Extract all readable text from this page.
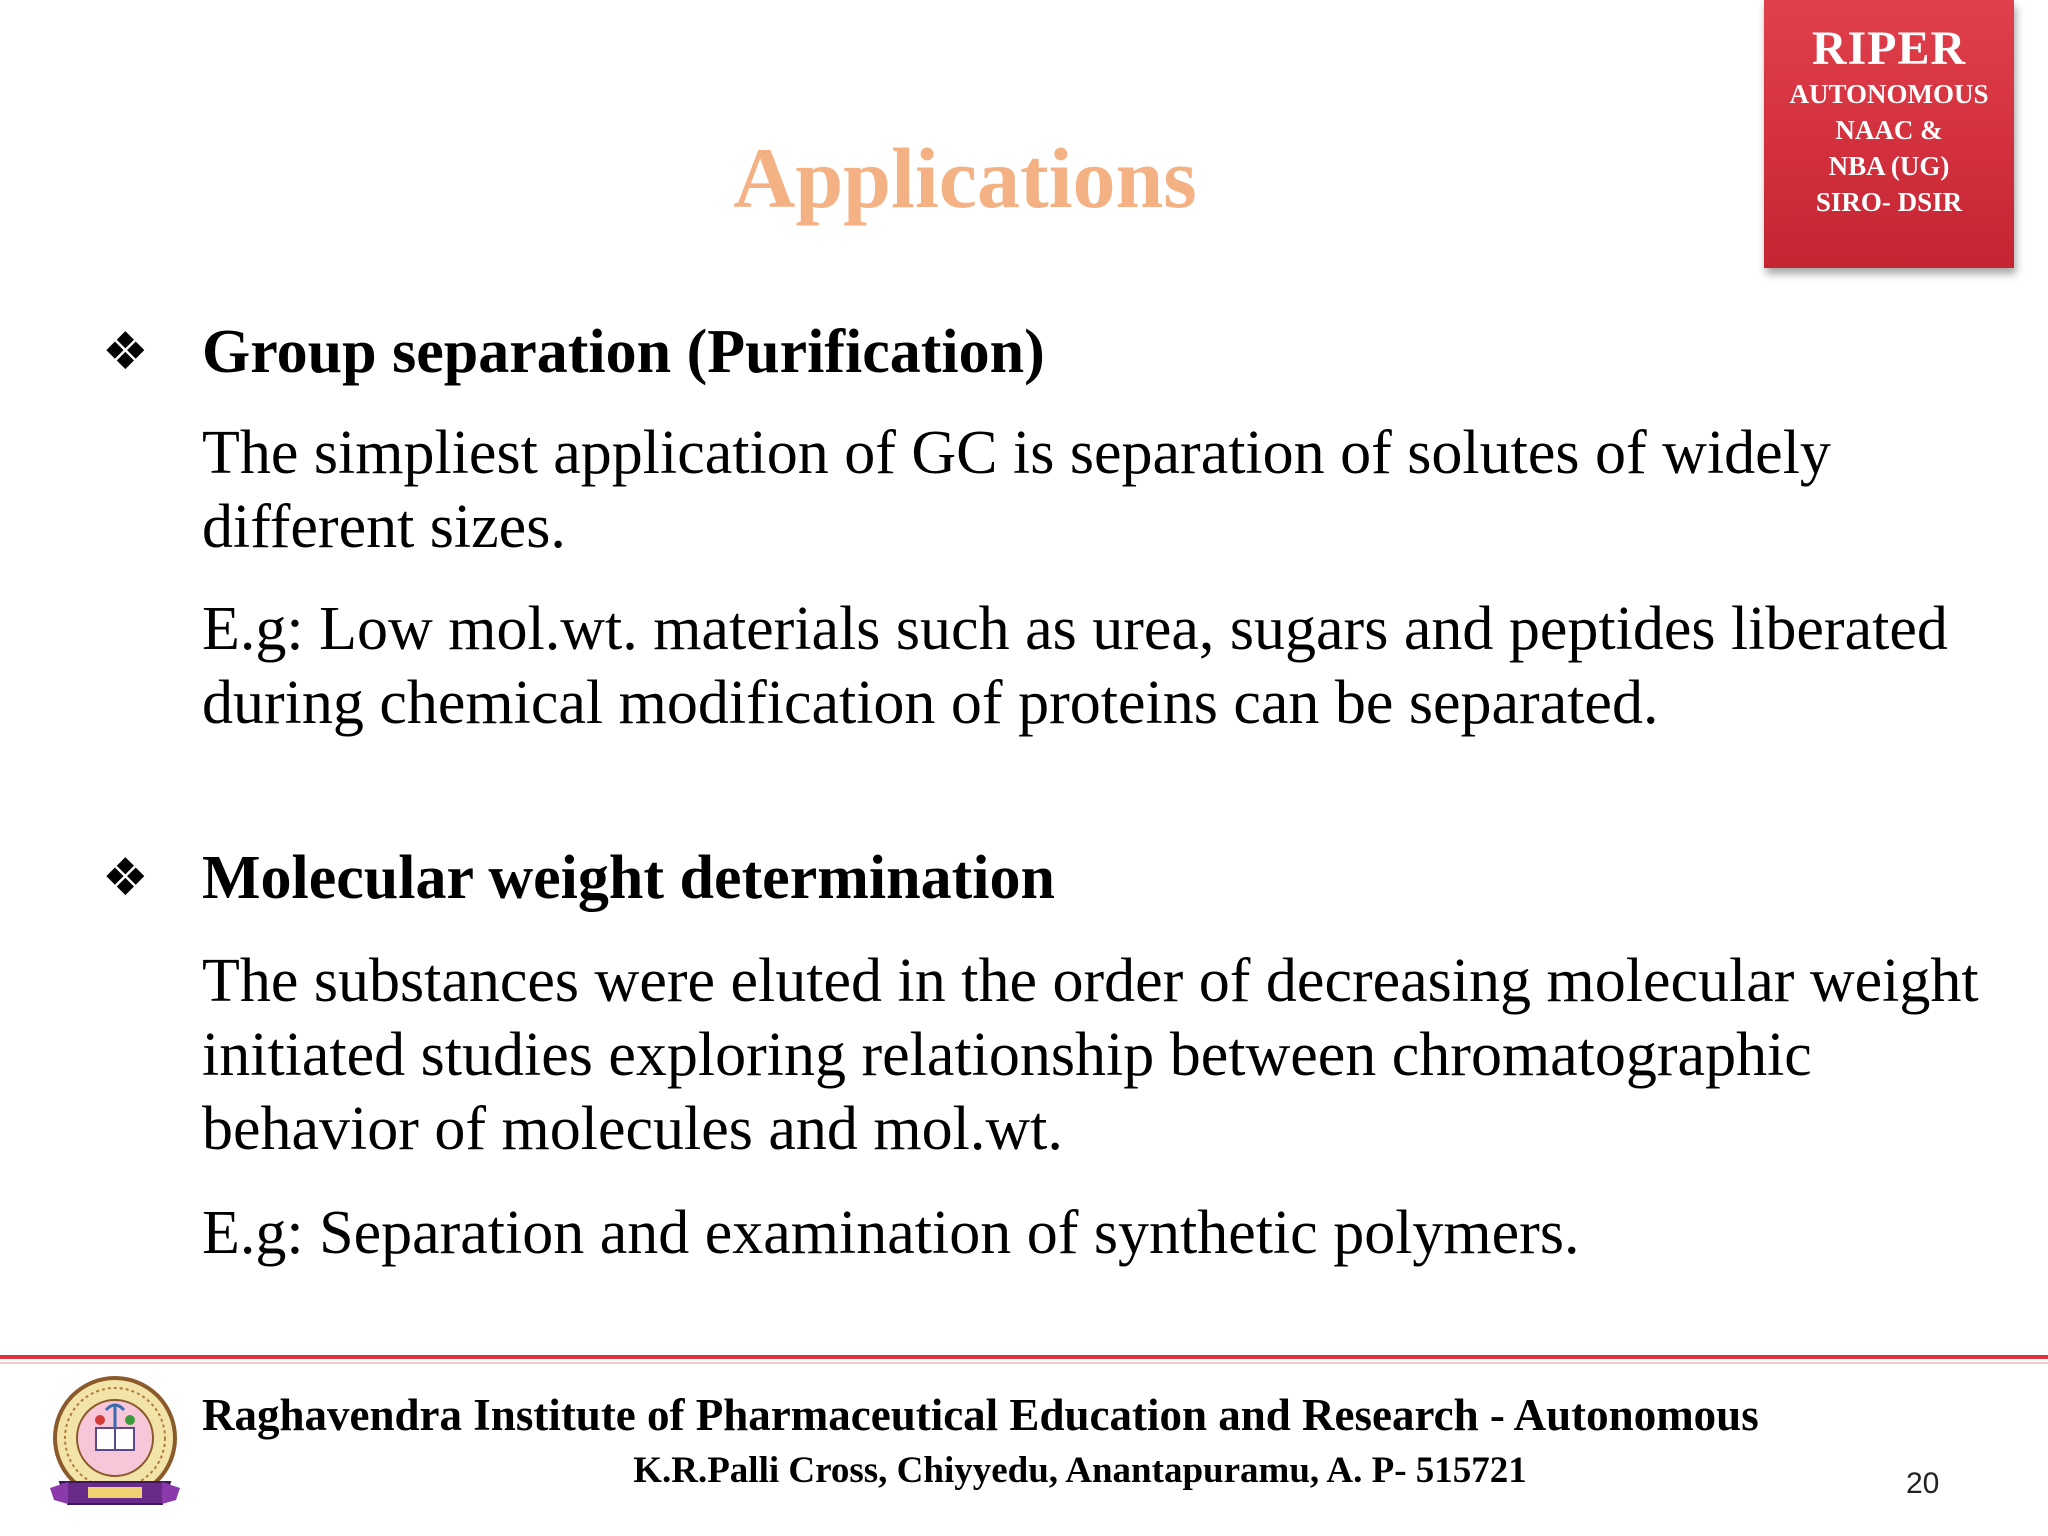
RIPER
AUTONOMOUS
NAAC &
NBA (UG)
SIRO- DSIR
Applications
❖ Group separation (Purification)
The simpliest application of GC is separation of solutes of widely different sizes.
E.g: Low mol.wt. materials such as urea, sugars and peptides liberated during chemical modification of proteins can be separated.
❖ Molecular weight determination
The substances were eluted in the order of decreasing molecular weight initiated studies exploring relationship between chromatographic behavior of molecules and mol.wt.
E.g: Separation and examination of synthetic polymers.
Raghavendra Institute of Pharmaceutical Education and Research - Autonomous
K.R.Palli Cross, Chiyyedu, Anantapuramu, A. P- 515721	20
